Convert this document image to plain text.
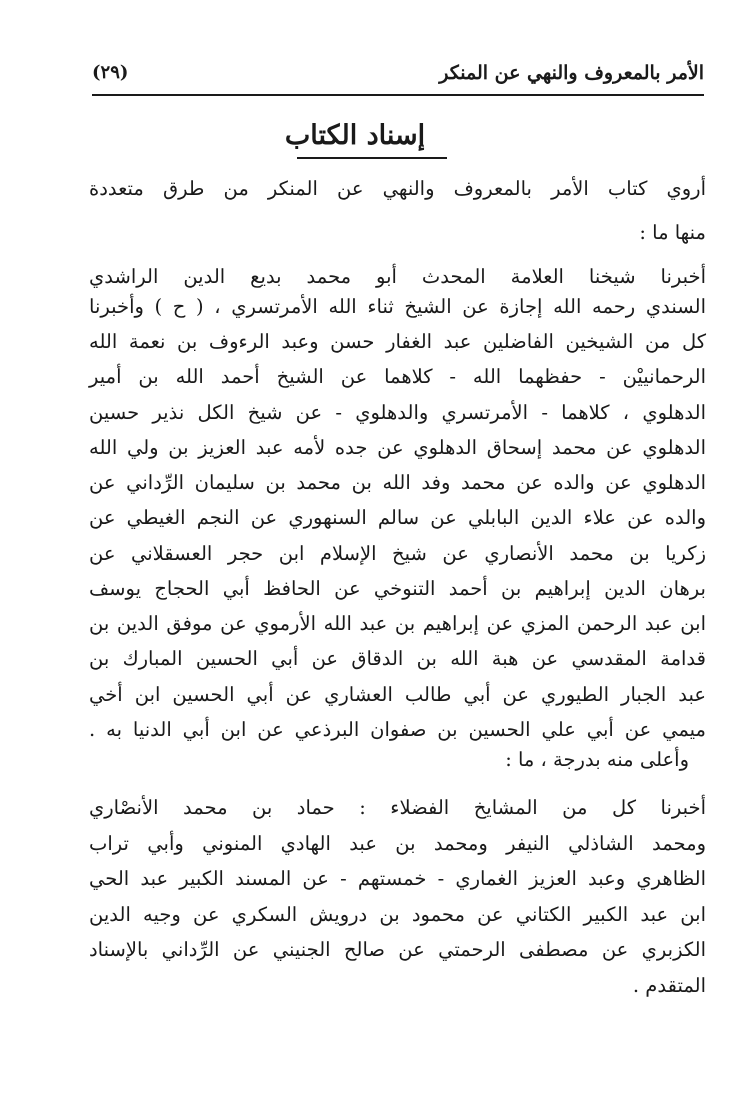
الأمر بالمعروف والنهي عن المنكر
(٢٩)
إسناد الكتاب
أروي كتاب الأمر بالمعروف والنهي عن المنكر من طرق متعددة
منها ما :
أخبرنا شيخنا العلامة المحدث أبو محمد بديع الدين الراشدي
السندي رحمه الله إجازة عن الشيخ ثناء الله الأمرتسري ، ( ح ) وأخبرنا
كل من الشيخين الفاضلين عبد الغفار حسن وعبد الرءوف بن نعمة الله
الرحمانييْن - حفظهما الله - كلاهما عن الشيخ أحمد الله بن أمير
الدهلوي ، كلاهما - الأمرتسري والدهلوي - عن شيخ الكل نذير حسين
الدهلوي عن محمد إسحاق الدهلوي عن جده لأمه عبد العزيز بن ولي الله
الدهلوي عن والده عن محمد وفد الله بن محمد بن سليمان الرِّداني عن
والده عن علاء الدين البابلي عن سالم السنهوري عن النجم الغيطي عن
زكريا بن محمد الأنصاري عن شيخ الإسلام ابن حجر العسقلاني عن
برهان الدين إبراهيم بن أحمد التنوخي عن الحافظ أبي الحجاج يوسف
ابن عبد الرحمن المزي عن إبراهيم بن عبد الله الأرموي عن موفق الدين بن
قدامة المقدسي عن هبة الله بن الدقاق عن أبي الحسين المبارك بن
عبد الجبار الطيوري عن أبي طالب العشاري عن أبي الحسين ابن أخي
ميمي عن أبي علي الحسين بن صفوان البرذعي عن ابن أبي الدنيا به .
وأعلى منه بدرجة ، ما :
أخبرنا كل من المشايخ الفضلاء : حماد بن محمد الأنصْاري
ومحمد الشاذلي النيفر ومحمد بن عبد الهادي المنوني وأبي تراب
الظاهري وعبد العزيز الغماري - خمستهم - عن المسند الكبير عبد الحي
ابن عبد الكبير الكتاني عن محمود بن درويش السكري عن وجيه الدين
الكزبري عن مصطفى الرحمتي عن صالح الجنيني عن الرِّداني بالإسناد
المتقدم .
